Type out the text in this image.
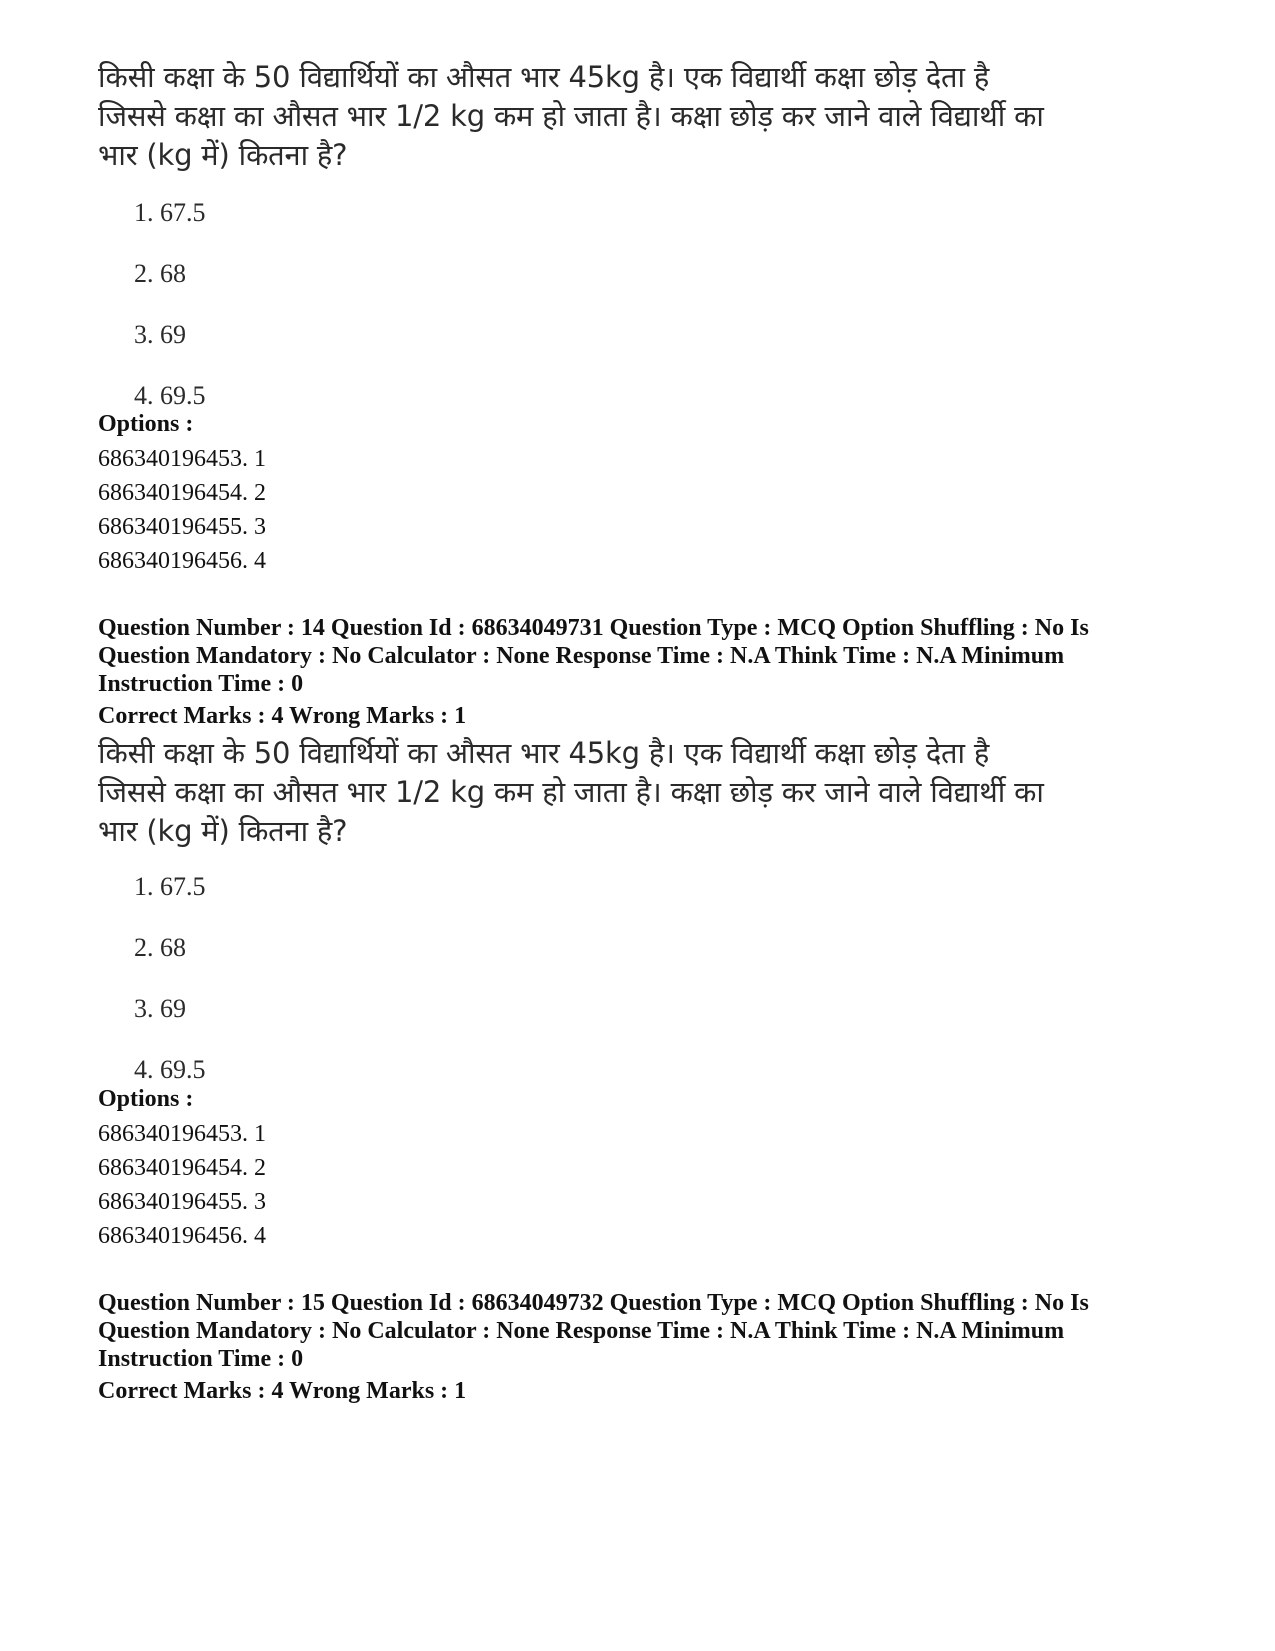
किसी कक्षा के 50 विद्यार्थियों का औसत भार 45kg है। एक विद्यार्थी कक्षा छोड़ देता है जिससे कक्षा का औसत भार 1/2 kg कम हो जाता है। कक्षा छोड़ कर जाने वाले विद्यार्थी का भार (kg में) कितना है?

1. 67.5
2. 68
3. 69
4. 69.5

Options :

686340196453. 1

686340196454. 2

686340196455. 3

686340196456. 4

Question Number : 14 Question Id : 68634049731 Question Type : MCQ Option Shuffling : No Is

Question Mandatory : No Calculator : None Response Time : N.A Think Time : N.A Minimum

Instruction Time : 0

Correct Marks : 4 Wrong Marks : 1

किसी कक्षा के 50 विद्यार्थियों का औसत भार 45kg है। एक विद्यार्थी कक्षा छोड़ देता है जिससे कक्षा का औसत भार 1/2 kg कम हो जाता है। कक्षा छोड़ कर जाने वाले विद्यार्थी का भार (kg में) कितना है?

1. 67.5
2. 68
3. 69
4. 69.5

Options :

686340196453. 1

686340196454. 2

686340196455. 3

686340196456. 4

Question Number : 15 Question Id : 68634049732 Question Type : MCQ Option Shuffling : No Is

Question Mandatory : No Calculator : None Response Time : N.A Think Time : N.A Minimum

Instruction Time : 0

Correct Marks : 4 Wrong Marks : 1
